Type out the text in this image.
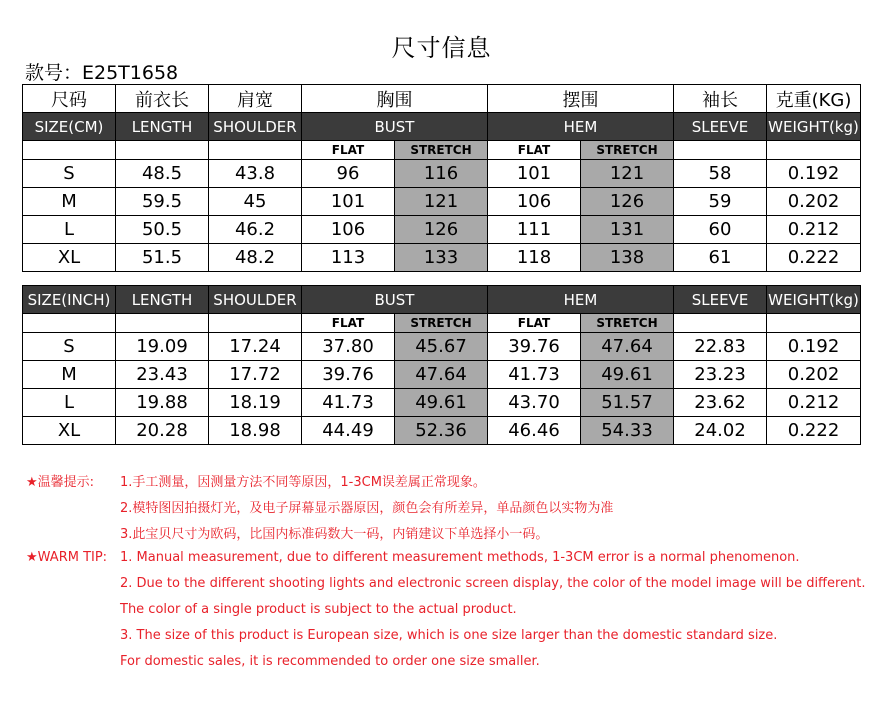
尺寸信息
款号：E25T1658
尺码	前衣长	肩宽	胸围		摆围		袖长	克重(KG)
SIZE(CM)	LENGTH	SHOULDER	BUST		HEM		SLEEVE	WEIGHT(kg)
			FLAT	STRETCH	FLAT	STRETCH		
S	48.5	43.8	96	116	101	121	58	0.192
M	59.5	45	101	121	106	126	59	0.202
L	50.5	46.2	106	126	111	131	60	0.212
XL	51.5	48.2	113	133	118	138	61	0.222
SIZE(INCH)	LENGTH	SHOULDER	BUST		HEM		SLEEVE	WEIGHT(kg)
			FLAT	STRETCH	FLAT	STRETCH		
S	19.09	17.24	37.80	45.67	39.76	47.64	22.83	0.192
M	23.43	17.72	39.76	47.64	41.73	49.61	23.23	0.202
L	19.88	18.19	41.73	49.61	43.70	51.57	23.62	0.212
XL	20.28	18.98	44.49	52.36	46.46	54.33	24.02	0.222
★温馨提示: 1.手工测量，因测量方法不同等原因，1-3CM误差属正常现象。
2.模特图因拍摄灯光，及电子屏幕显示器原因，颜色会有所差异，单品颜色以实物为准
3.此宝贝尺寸为欧码，比国内标准码数大一码，内销建议下单选择小一码。
★WARM TIP: 1. Manual measurement, due to different measurement methods, 1-3CM error is a normal phenomenon.
2. Due to the different shooting lights and electronic screen display, the color of the model image will be different.
The color of a single product is subject to the actual product.
3. The size of this product is European size, which is one size larger than the domestic standard size.
For domestic sales, it is recommended to order one size smaller.
